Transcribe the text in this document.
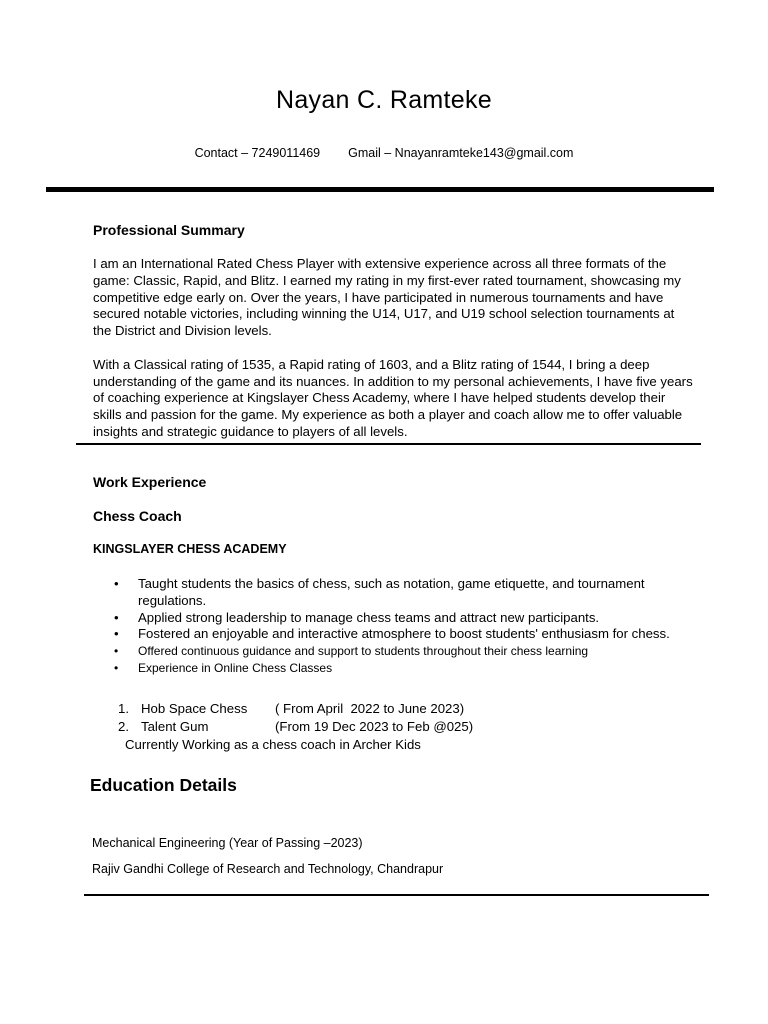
Nayan C. Ramteke
Contact – 7249011469 Gmail – Nnayanramteke143@gmail.com
Professional Summary

I am an International Rated Chess Player with extensive experience across all three formats of the game: Classic, Rapid, and Blitz. I earned my rating in my first-ever rated tournament, showcasing my competitive edge early on. Over the years, I have participated in numerous tournaments and have secured notable victories, including winning the U14, U17, and U19 school selection tournaments at the District and Division levels.

With a Classical rating of 1535, a Rapid rating of 1603, and a Blitz rating of 1544, I bring a deep understanding of the game and its nuances. In addition to my personal achievements, I have five years of coaching experience at Kingslayer Chess Academy, where I have helped students develop their skills and passion for the game. My experience as both a player and coach allow me to offer valuable insights and strategic guidance to players of all levels.

Work Experience
Chess Coach
KINGSLAYER CHESS ACADEMY
• Taught students the basics of chess, such as notation, game etiquette, and tournament regulations.
• Applied strong leadership to manage chess teams and attract new participants.
• Fostered an enjoyable and interactive atmosphere to boost students' enthusiasm for chess.
• Offered continuous guidance and support to students throughout their chess learning
• Experience in Online Chess Classes
1. Hob Space Chess ( From April  2022 to June 2023)
2. Talent Gum	(From 19 Dec 2023 to Feb @025)
Currently Working as a chess coach in Archer Kids
Education Details
Mechanical Engineering (Year of Passing –2023)
Rajiv Gandhi College of Research and Technology, Chandrapur
